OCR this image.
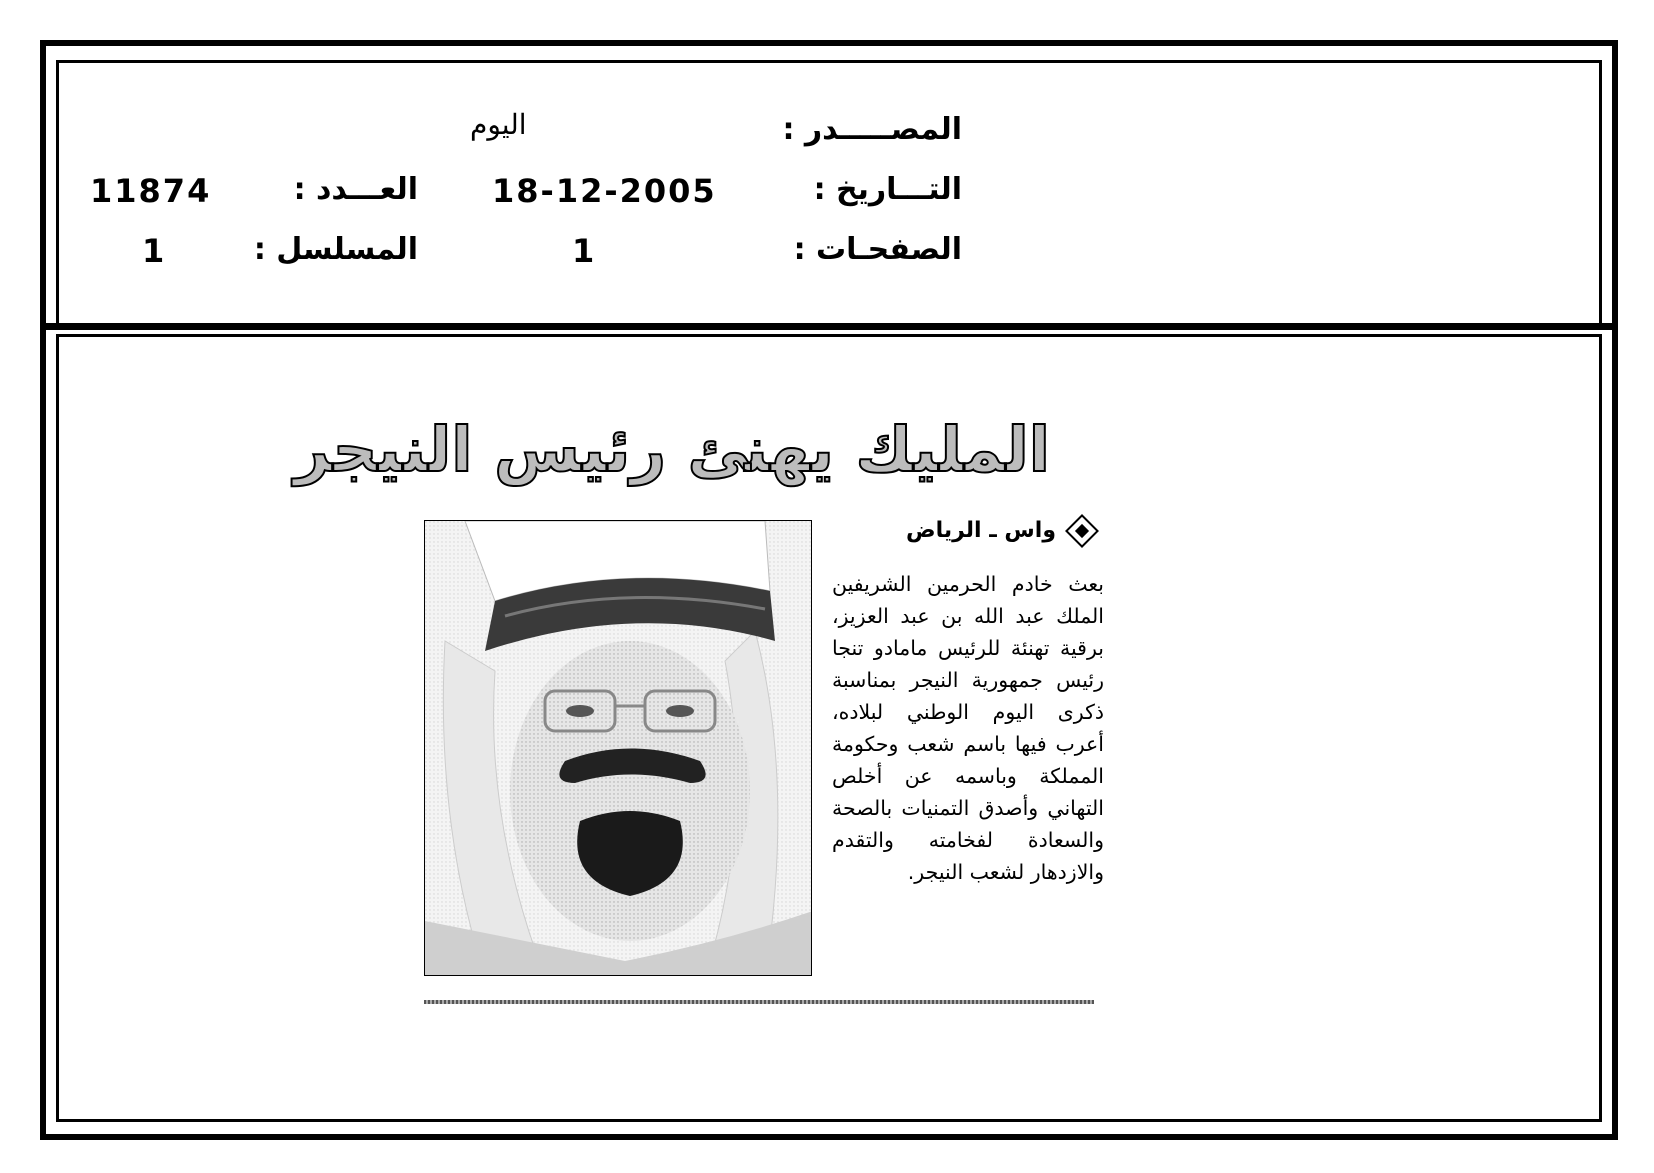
المصـــــدر :
اليوم
التـــاريخ :
18-12-2005
العـــدد :
11874
الصفحـات :
1
المسلسل :
1
المليك يهنئ رئيس النيجر
واس ـ الرياض
بعث خادم الحرمين الشريفين الملك عبد الله بن عبد العزيز، برقية تهنئة للرئيس مامادو تنجا رئيس جمهورية النيجر بمناسبة ذكرى اليوم الوطني لبلاده، أعرب فيها باسم شعب وحكومة المملكة وباسمه عن أخلص التهاني وأصدق التمنيات بالصحة والسعادة لفخامته والتقدم والازدهار لشعب النيجر.
